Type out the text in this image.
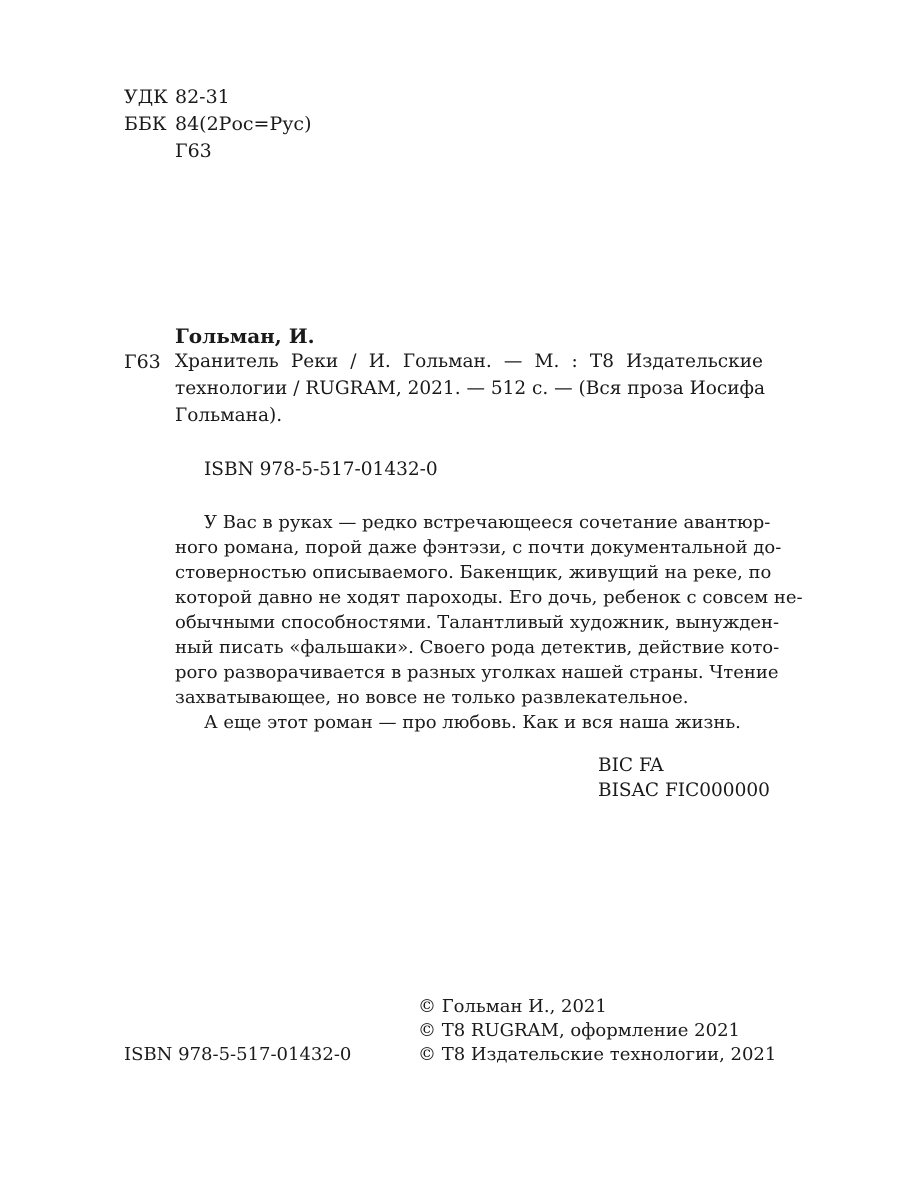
УДК 82-31
ББК 84(2Рос=Рус)
Г63
Гольман, И.
Г63 Хранитель Реки / И. Гольман. — М. : Т8 Издательские
технологии / RUGRAM, 2021. — 512 с. — (Вся проза Иосифа
Гольмана).
ISBN 978-5-517-01432-0
У Вас в руках — редко встречающееся сочетание авантюр-
ного романа, порой даже фэнтэзи, с почти документальной до-
стоверностью описываемого. Бакенщик, живущий на реке, по
которой давно не ходят пароходы. Его дочь, ребенок с совсем не-
обычными способностями. Талантливый художник, вынужден-
ный писать «фальшаки». Своего рода детектив, действие кото-
рого разворачивается в разных уголках нашей страны. Чтение
захватывающее, но вовсе не только развлекательное.
А еще этот роман — про любовь. Как и вся наша жизнь.
BIC FA
BISAC FIC000000
© Гольман И., 2021
© Т8 RUGRAM, оформление 2021
ISBN 978-5-517-01432-0	© Т8 Издательские технологии, 2021
